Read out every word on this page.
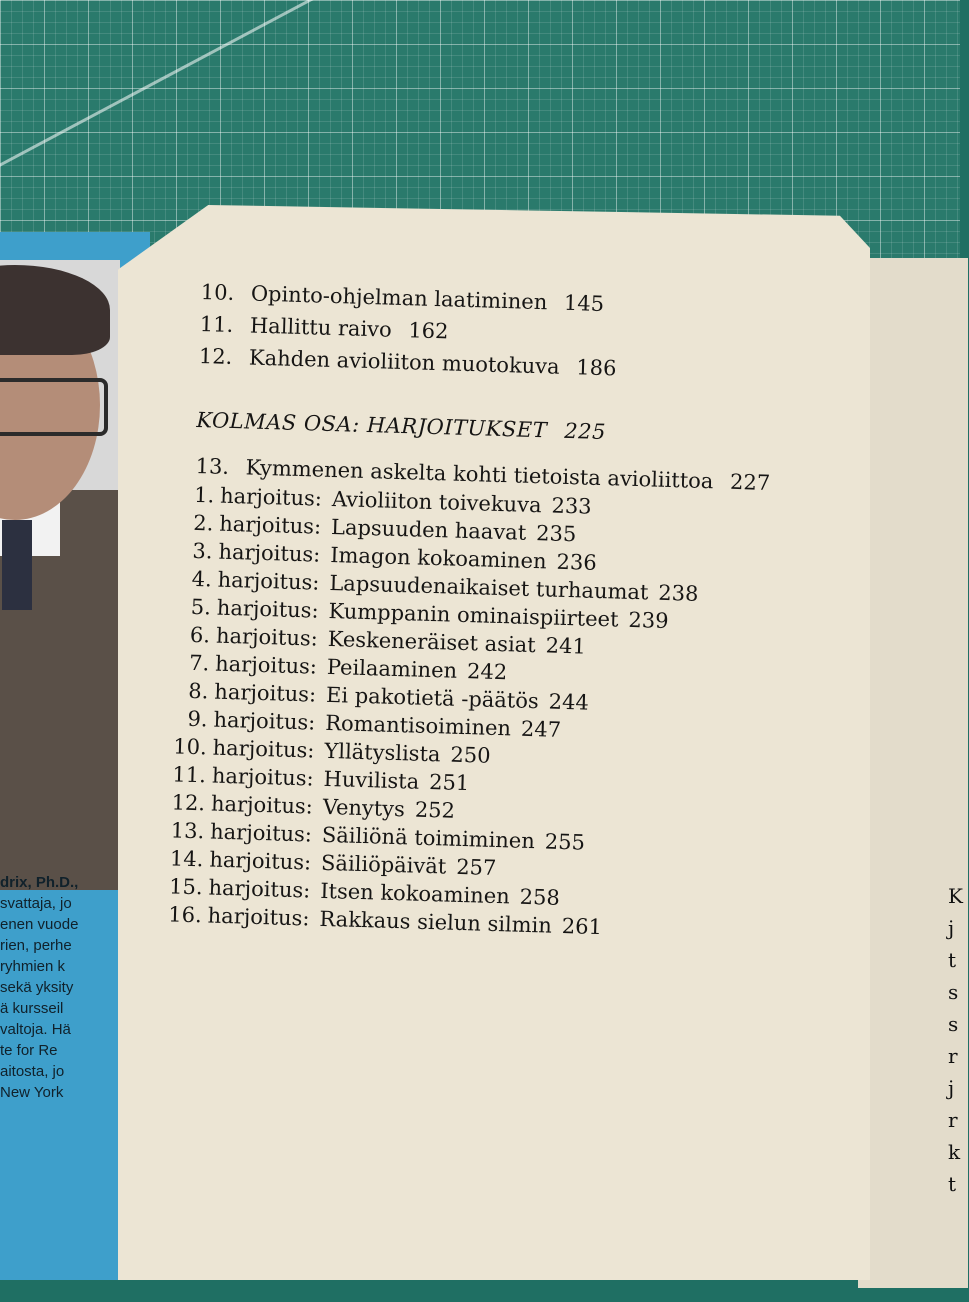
drix, Ph.D.,
svattaja, jo
enen vuode
rien, perhe
ryhmien k
sekä yksity
ä kursseil
valtoja. Hä
te for Re
aitosta, jo
New York
K
j
t
s
s
r
j
r
k
t
10. Opinto-ohjelman laatiminen 145
11. Hallittu raivo 162
12. Kahden avioliiton muotokuva 186
KOLMAS OSA: HARJOITUKSET 225
13. Kymmenen askelta kohti tietoista avioliittoa 227
1. harjoitus: Avioliiton toivekuva 233
2. harjoitus: Lapsuuden haavat 235
3. harjoitus: Imagon kokoaminen 236
4. harjoitus: Lapsuudenaikaiset turhaumat 238
5. harjoitus: Kumppanin ominaispiirteet 239
6. harjoitus: Keskeneräiset asiat 241
7. harjoitus: Peilaaminen 242
8. harjoitus: Ei pakotietä -päätös 244
9. harjoitus: Romantisoiminen 247
10. harjoitus: Yllätyslista 250
11. harjoitus: Huvilista 251
12. harjoitus: Venytys 252
13. harjoitus: Säiliönä toimiminen 255
14. harjoitus: Säiliöpäivät 257
15. harjoitus: Itsen kokoaminen 258
16. harjoitus: Rakkaus sielun silmin 261
